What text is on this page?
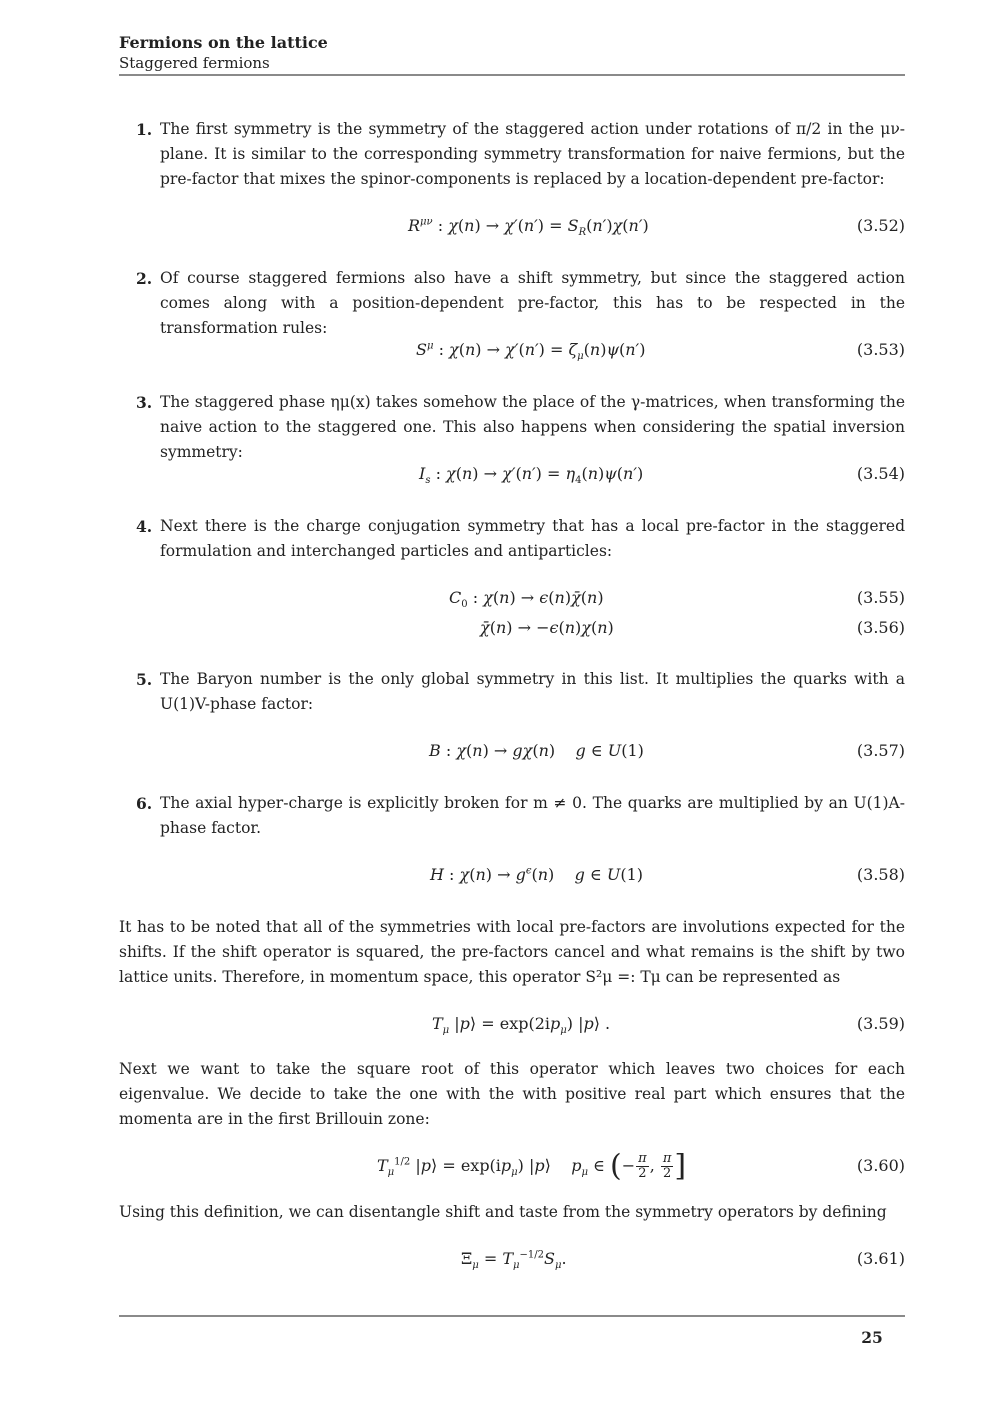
Fermions on the lattice
Staggered fermions
1. The first symmetry is the symmetry of the staggered action under rotations of π/2 in the μν-plane. It is similar to the corresponding symmetry transformation for naive fermions, but the pre-factor that mixes the spinor-components is replaced by a location-dependent pre-factor:
$R^{\mu\nu}$ : $\chi(n) \to \chi'(n') = S_R(n')\chi(n')$	(3.52)
2. Of course staggered fermions also have a shift symmetry, but since the staggered action comes along with a position-dependent pre-factor, this has to be respected in the transformation rules:
$S^\mu$ : $\chi(n) \to \chi'(n') = \zeta_\mu(n)\psi(n')$	(3.53)
3. The staggered phase ημ(x) takes somehow the place of the γ-matrices, when transforming the naive action to the staggered one. This also happens when considering the spatial inversion symmetry:
$I_s$ : $\chi(n) \to \chi'(n') = \eta_4(n)\psi(n')$	(3.54)
4. Next there is the charge conjugation symmetry that has a local pre-factor in the staggered formulation and interchanged particles and antiparticles:
$C_0$ : χ(n) → ϵ(n)χ̄(n)	(3.55)
χ̄(n) → −ϵ(n)χ(n)	(3.56)
5. The Baryon number is the only global symmetry in this list. It multiplies the quarks with a U(1)V-phase factor:
B : χ(n) → gχ(n)    g ∈ U(1)	(3.57)
6. The axial hyper-charge is explicitly broken for m ≠ 0. The quarks are multiplied by an U(1)A-phase factor.
H : $\chi(n) \to g^\epsilon(n)$    g ∈ U(1)	(3.58)
It has to be noted that all of the symmetries with local pre-factors are involutions expected for the shifts. If the shift operator is squared, the pre-factors cancel and what remains is the shift by two lattice units. Therefore, in momentum space, this operator S²μ =: Tμ can be represented as
$T_\mu$ |p⟩ = $\exp(2ip_\mu)$ |p⟩ .	(3.59)
Next we want to take the square root of this operator which leaves two choices for each eigenvalue. We decide to take the one with the with positive real part which ensures that the momenta are in the first Brillouin zone:
$T_\mu^{1/2}$ |p⟩ = $\exp(ip_\mu)$ |p⟩    $p_\mu$ ∈ (− $\frac{\pi}{2}$ , $\frac{\pi}{2}$ ]	(3.60)
Using this definition, we can disentangle shift and taste from the symmetry operators by defining
$\Xi_\mu = T_\mu^{-1/2}S_\mu$.	(3.61)
25
